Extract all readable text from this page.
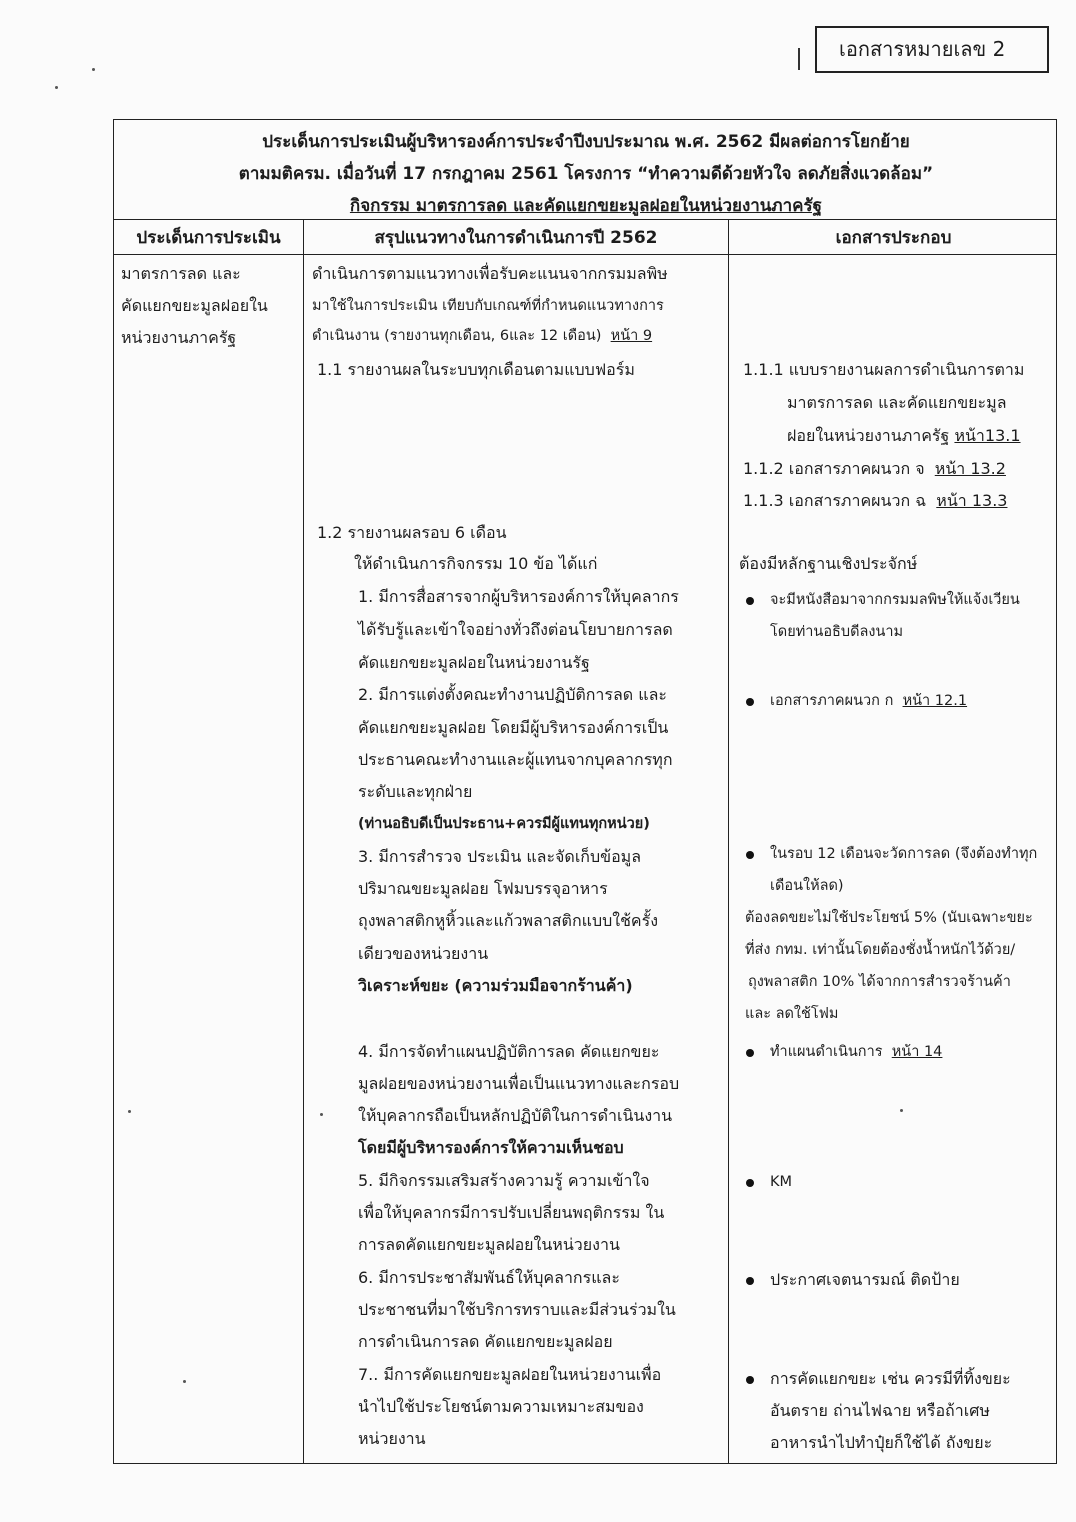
เอกสารหมายเลข 2
ประเด็นการประเมินผู้บริหารองค์การประจำปีงบประมาณ พ.ศ. 2562 มีผลต่อการโยกย้าย
ตามมติครม. เมื่อวันที่ 17 กรกฎาคม 2561 โครงการ “ทำความดีด้วยหัวใจ ลดภัยสิ่งแวดล้อม”
กิจกรรม มาตรการลด และคัดแยกขยะมูลฝอยในหน่วยงานภาครัฐ
ประเด็นการประเมิน	สรุปแนวทางในการดำเนินการปี 2562	เอกสารประกอบ
มาตรการลด และ
คัดแยกขยะมูลฝอยใน
หน่วยงานภาครัฐ
ดำเนินการตามแนวทางเพื่อรับคะแนนจากกรมมลพิษ
มาใช้ในการประเมิน เทียบกับเกณฑ์ที่กำหนดแนวทางการ
ดำเนินงาน (รายงานทุกเดือน, 6และ 12 เดือน) หน้า 9
1.1 รายงานผลในระบบทุกเดือนตามแบบฟอร์ม
1.2 รายงานผลรอบ 6 เดือน
ให้ดำเนินการกิจกรรม 10 ข้อ ได้แก่
1. มีการสื่อสารจากผู้บริหารองค์การให้บุคลากร
ได้รับรู้และเข้าใจอย่างทั่วถึงต่อนโยบายการลด
คัดแยกขยะมูลฝอยในหน่วยงานรัฐ
2. มีการแต่งตั้งคณะทำงานปฏิบัติการลด และ
คัดแยกขยะมูลฝอย โดยมีผู้บริหารองค์การเป็น
ประธานคณะทำงานและผู้แทนจากบุคลากรทุก
ระดับและทุกฝ่าย
(ท่านอธิบดีเป็นประธาน+ควรมีผู้แทนทุกหน่วย)
3. มีการสำรวจ ประเมิน และจัดเก็บข้อมูล
ปริมาณขยะมูลฝอย โฟมบรรจุอาหาร
ถุงพลาสติกหูหิ้วและแก้วพลาสติกแบบใช้ครั้ง
เดียวของหน่วยงาน
วิเคราะห์ขยะ (ความร่วมมือจากร้านค้า)
4. มีการจัดทำแผนปฏิบัติการลด คัดแยกขยะ
มูลฝอยของหน่วยงานเพื่อเป็นแนวทางและกรอบ
ให้บุคลากรถือเป็นหลักปฏิบัติในการดำเนินงาน
โดยมีผู้บริหารองค์การให้ความเห็นชอบ
5. มีกิจกรรมเสริมสร้างความรู้ ความเข้าใจ
เพื่อให้บุคลากรมีการปรับเปลี่ยนพฤติกรรม ใน
การลดคัดแยกขยะมูลฝอยในหน่วยงาน
6. มีการประชาสัมพันธ์ให้บุคลากรและ
ประชาชนที่มาใช้บริการทราบและมีส่วนร่วมใน
การดำเนินการลด คัดแยกขยะมูลฝอย
7.. มีการคัดแยกขยะมูลฝอยในหน่วยงานเพื่อ
นำไปใช้ประโยชน์ตามความเหมาะสมของ
หน่วยงาน
1.1.1 แบบรายงานผลการดำเนินการตาม
มาตรการลด และคัดแยกขยะมูล
ฝอยในหน่วยงานภาครัฐ หน้า13.1
1.1.2 เอกสารภาคผนวก จ หน้า 13.2
1.1.3 เอกสารภาคผนวก ฉ หน้า 13.3
ต้องมีหลักฐานเชิงประจักษ์
จะมีหนังสือมาจากกรมมลพิษให้แจ้งเวียน
โดยท่านอธิบดีลงนาม
เอกสารภาคผนวก ก หน้า 12.1
ในรอบ 12 เดือนจะวัดการลด (จึงต้องทำทุก
เดือนให้ลด)
ต้องลดขยะไม่ใช้ประโยชน์ 5% (นับเฉพาะขยะ
ที่ส่ง กทม. เท่านั้นโดยต้องชั่งน้ำหนักไว้ด้วย/
ถุงพลาสติก 10% ได้จากการสำรวจร้านค้า
และ ลดใช้โฟม
ทำแผนดำเนินการ หน้า 14
KM
ประกาศเจตนารมณ์ ติดป้าย
การคัดแยกขยะ เช่น ควรมีที่ทิ้งขยะ
อันตราย ถ่านไฟฉาย หรือถ้าเศษ
อาหารนำไปทำปุ๋ยก็ใช้ได้ ถังขยะ
